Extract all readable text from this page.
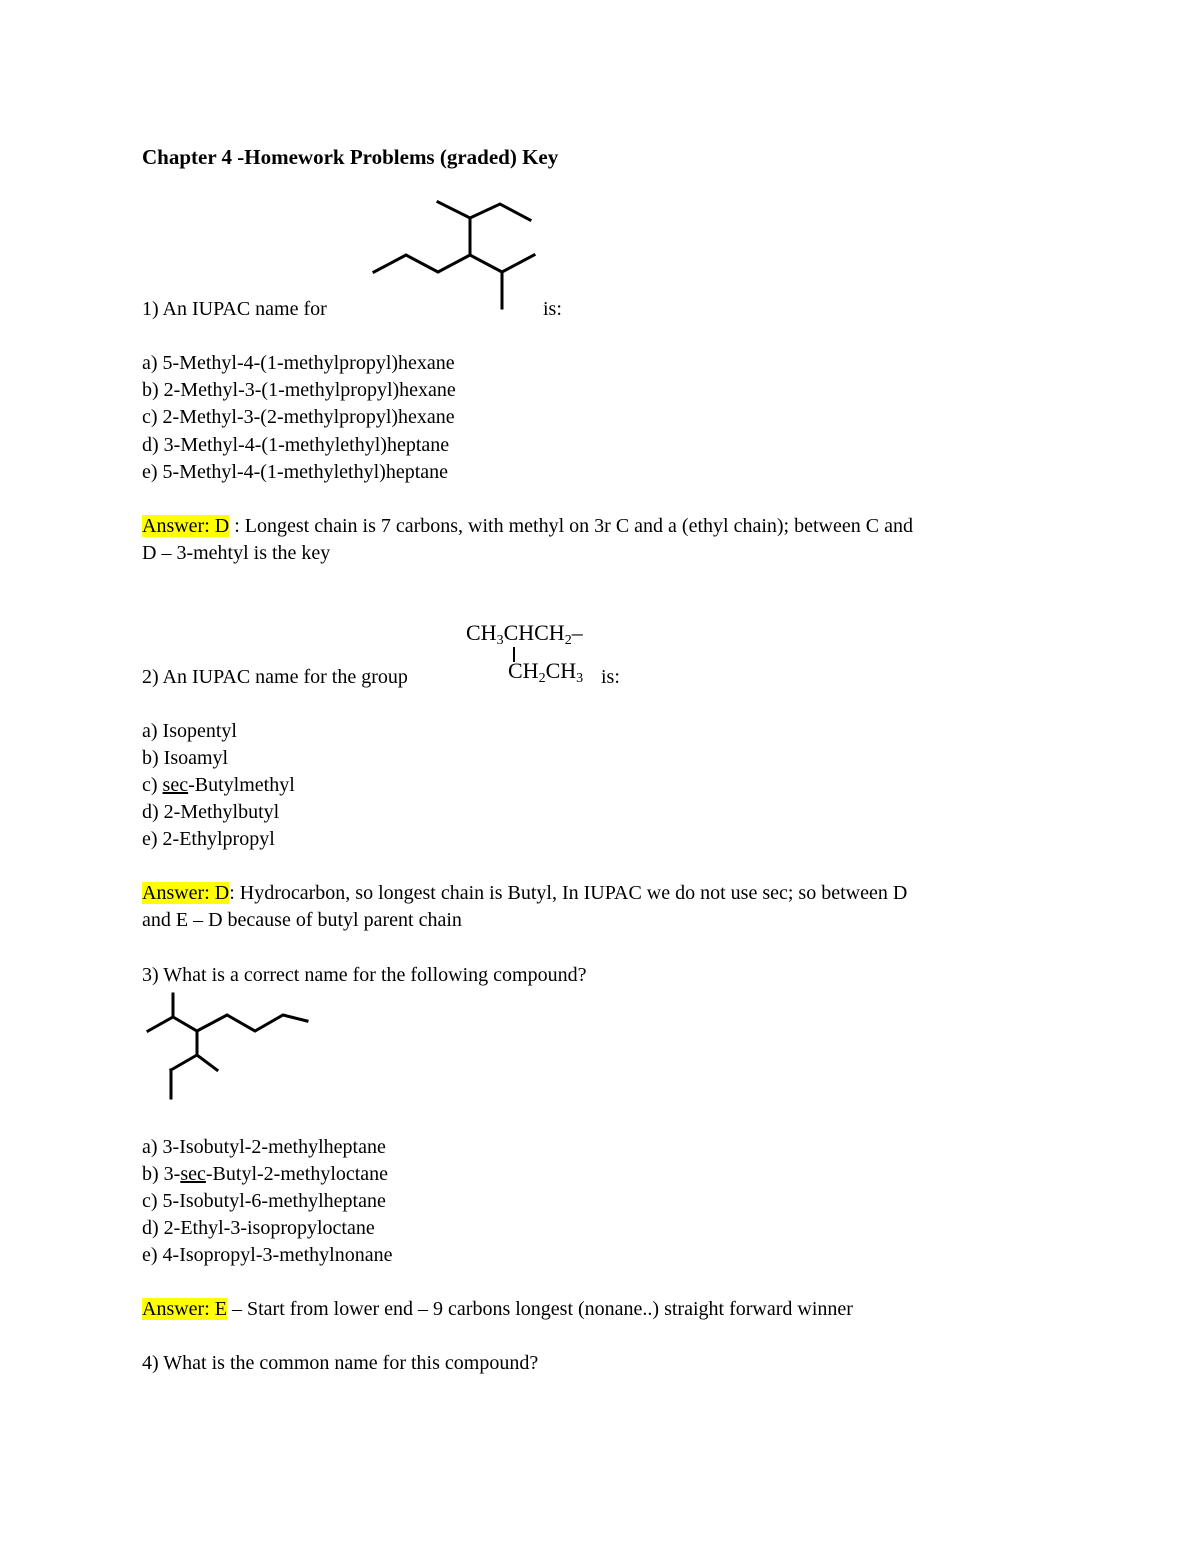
Chapter 4 -Homework Problems (graded) Key
1) An IUPAC name for	is:
a) 5-Methyl-4-(1-methylpropyl)hexane
b) 2-Methyl-3-(1-methylpropyl)hexane
c) 2-Methyl-3-(2-methylpropyl)hexane
d) 3-Methyl-4-(1-methylethyl)heptane
e) 5-Methyl-4-(1-methylethyl)heptane
Answer: D : Longest chain is 7 carbons, with methyl on 3r C and a (ethyl chain); between C and
D – 3-mehtyl is the key
$CH_3CHCH_2-$
$CH_2CH_3$
2) An IUPAC name for the group	is:
a) Isopentyl
b) Isoamyl
c) sec-Butylmethyl
d) 2-Methylbutyl
e) 2-Ethylpropyl
Answer: D: Hydrocarbon, so longest chain is Butyl, In IUPAC we do not use sec; so between D
and E – D because of butyl parent chain
3) What is a correct name for the following compound?
a) 3-Isobutyl-2-methylheptane
b) 3-sec-Butyl-2-methyloctane
c) 5-Isobutyl-6-methylheptane
d) 2-Ethyl-3-isopropyloctane
e) 4-Isopropyl-3-methylnonane
Answer: E – Start from lower end – 9 carbons longest (nonane..) straight forward winner
4) What is the common name for this compound?
